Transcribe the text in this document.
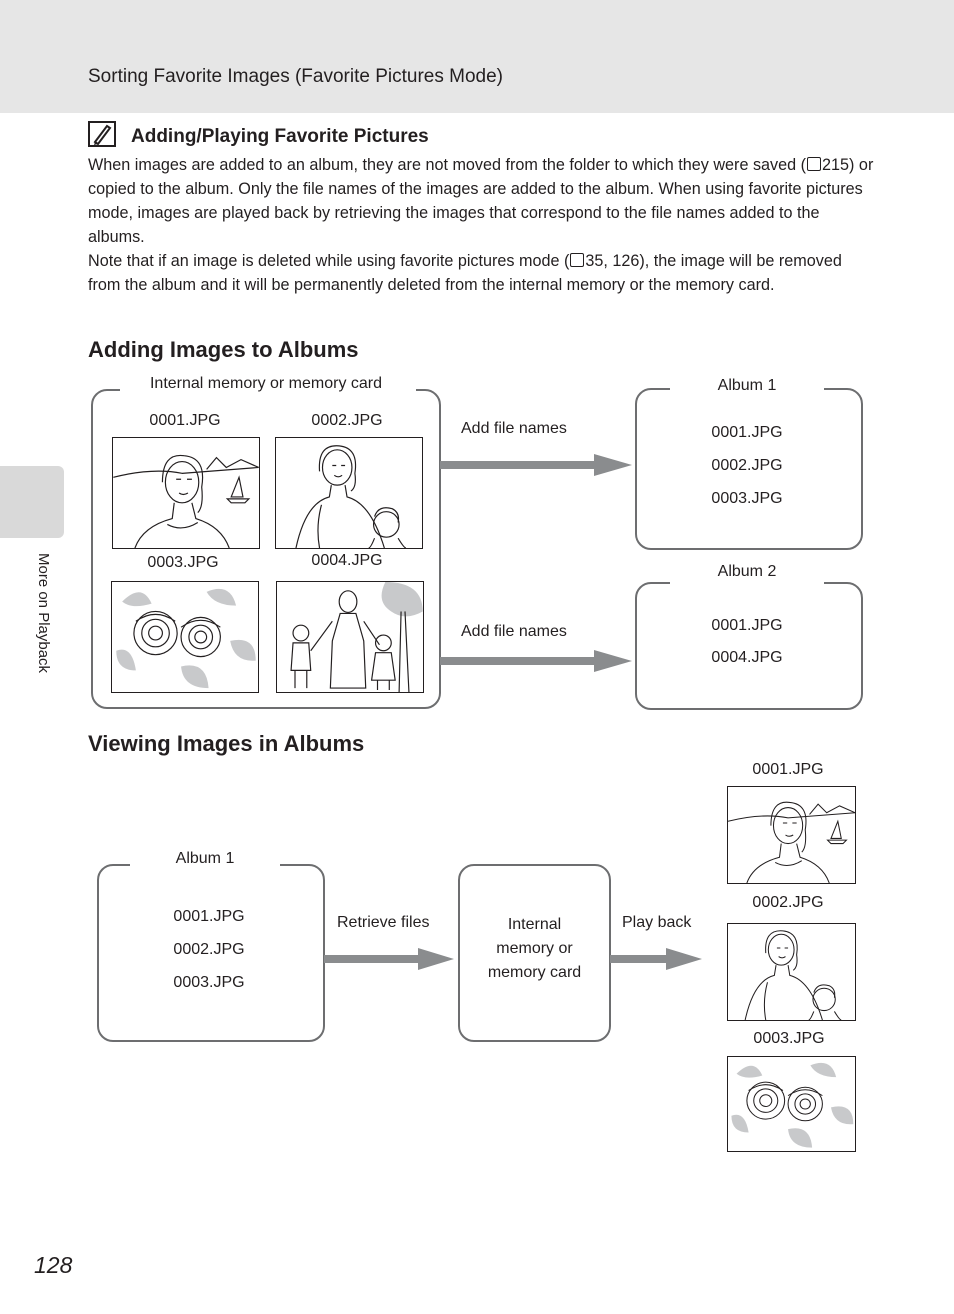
Sorting Favorite Images (Favorite Pictures Mode)
More on Playback
Adding/Playing Favorite Pictures
When images are added to an album, they are not moved from the folder to which they were saved ( 215) or copied to the album. Only the file names of the images are added to the album. When using favorite pictures mode, images are played back by retrieving the images that correspond to the file names added to the albums.
Note that if an image is deleted while using favorite pictures mode ( 35, 126), the image will be removed from the album and it will be permanently deleted from the internal memory or the memory card.
Adding Images to Albums
Internal memory or memory card
0001.JPG	0002.JPG
0003.JPG	0004.JPG
Add file names
Add file names
Album 1
0001.JPG
0002.JPG
0003.JPG
Album 2
0001.JPG
0004.JPG
Viewing Images in Albums
Album 1
0001.JPG
0002.JPG
0003.JPG
Retrieve files	Internal
memory or
memory card
Play back
0001.JPG
0002.JPG
0003.JPG
128
